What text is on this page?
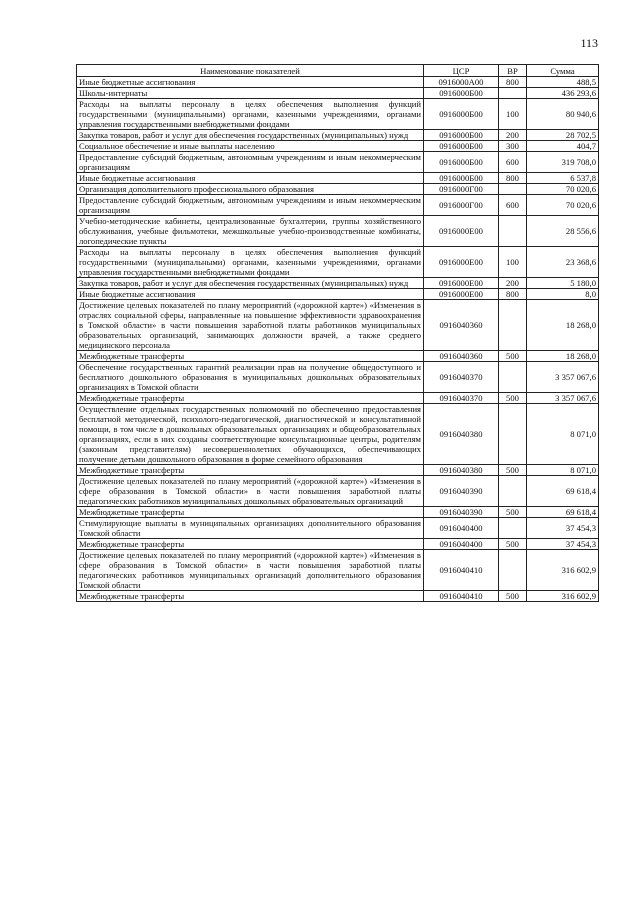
113
Наименование показателей	ЦСР	ВР	Сумма
Иные бюджетные ассигнования	0916000А00	800	488,5
Школы-интернаты	0916000Б00		436 293,6
Расходы на выплаты персоналу в целях обеспечения выполнения функций государственными (муниципальными) органами, казенными учреждениями, органами управления государственными внебюджетными фондами	0916000Б00	100	80 940,6
Закупка товаров, работ и услуг для обеспечения государственных (муниципальных) нужд	0916000Б00	200	28 702,5
Социальное обеспечение и иные выплаты населению	0916000Б00	300	404,7
Предоставление субсидий бюджетным, автономным учреждениям и иным некоммерческим организациям	0916000Б00	600	319 708,0
Иные бюджетные ассигнования	0916000Б00	800	6 537,8
Организация дополнительного профессионального образования	0916000Г00		70 020,6
Предоставление субсидий бюджетным, автономным учреждениям и иным некоммерческим организациям	0916000Г00	600	70 020,6
Учебно-методические кабинеты, централизованные бухгалтерии, группы хозяйственного обслуживания, учебные фильмотеки, межшкольные учебно-производственные комбинаты, логопедические пункты	0916000Е00		28 556,6
Расходы на выплаты персоналу в целях обеспечения выполнения функций государственными (муниципальными) органами, казенными учреждениями, органами управления государственными внебюджетными фондами	0916000Е00	100	23 368,6
Закупка товаров, работ и услуг для обеспечения государственных (муниципальных) нужд	0916000Е00	200	5 180,0
Иные бюджетные ассигнования	0916000Е00	800	8,0
Достижение целевых показателей по плану мероприятий («дорожной карте») «Изменения в отраслях социальной сферы, направленные на повышение эффективности здравоохранения в Томской области» в части повышения заработной платы работников муниципальных образовательных организаций, занимающих должности врачей, а также среднего медицинского персонала	0916040360		18 268,0
Межбюджетные трансферты	0916040360	500	18 268,0
Обеспечение государственных гарантий реализации прав на получение общедоступного и бесплатного дошкольного образования в муниципальных дошкольных образовательных организациях в Томской области	0916040370		3 357 067,6
Межбюджетные трансферты	0916040370	500	3 357 067,6
Осуществление отдельных государственных полномочий по обеспечению предоставления бесплатной методической, психолого-педагогической, диагностической и консультативной помощи, в том числе в дошкольных образовательных организациях и общеобразовательных организациях, если в них созданы соответствующие консультационные центры, родителям (законным представителям) несовершеннолетних обучающихся, обеспечивающих получение детьми дошкольного образования в форме семейного образования	0916040380		8 071,0
Межбюджетные трансферты	0916040380	500	8 071,0
Достижение целевых показателей по плану мероприятий («дорожной карте») «Изменения в сфере образования в Томской области» в части повышения заработной платы педагогических работников муниципальных дошкольных образовательных организаций	0916040390		69 618,4
Межбюджетные трансферты	0916040390	500	69 618,4
Стимулирующие выплаты в муниципальных организациях дополнительного образования Томской области	0916040400		37 454,3
Межбюджетные трансферты	0916040400	500	37 454,3
Достижение целевых показателей по плану мероприятий («дорожной карте») «Изменения в сфере образования в Томской области» в части повышения заработной платы педагогических работников муниципальных организаций дополнительного образования Томской области	0916040410		316 602,9
Межбюджетные трансферты	0916040410	500	316 602,9
